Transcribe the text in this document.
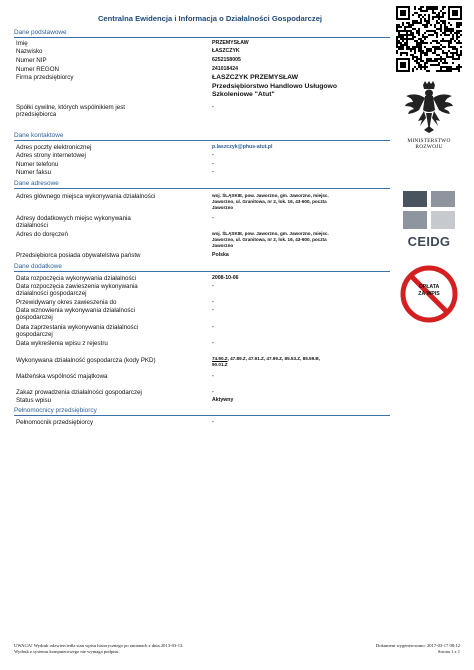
Centralna Ewidencja i Informacja o Działalności Gospodarczej
Dane podstawowe
Imię	PRZEMYSŁAW
Nazwisko	ŁASZCZYK
Numer NIP	6252158005
Numer REGON	241018424
Firma przedsiębiorcy	ŁASZCZYK PRZEMYSŁAW
Przedsiębiorstwo Handlowo Usługowo
Szkoleniowe "Atut"
Spółki cywilne, których wspólnikiem jest
przedsiębiorca
-
Dane kontaktowe
Adres poczty elektronicznej	p.laszczyk@phus-atut.pl
Adres strony internetowej	-
Numer telefonu	-
Numer faksu	-
Dane adresowe
Adres głównego miejsca wykonywania działalności	woj. ŚLĄSKIE, pow. Jaworzno, gm. Jaworzno, miejsc.
Jaworzno, ul. Granitowa, nr 2, lok. 16, 43-600, poczta
Jaworzno
Adresy dodatkowych miejsc wykonywania
działalności
-
Adres do doręczeń	woj. ŚLĄSKIE, pow. Jaworzno, gm. Jaworzno, miejsc.
Jaworzno, ul. Granitowa, nr 2, lok. 16, 43-600, poczta
Jaworzno
Przedsiębiorca posiada obywatelstwa państw	Polska
Dane dodatkowe
Data rozpoczęcia wykonywania działalności	2008-10-06
Data rozpoczęcia zawieszenia wykonywania
działalności gospodarczej
-
Przewidywany okres zawieszenia do	-
Data wznowienia wykonywania działalności
gospodarczej
-
Data zaprzestania wykonywania działalności
gospodarczej
-
Data wykreślenia wpisu z rejestru	-
Wykonywana działalność gospodarcza (kody PKD)	74.90.Z, 47.89.Z, 47.91.Z, 47.99.Z, 85.53.Z, 85.59.B,
90.01.Z
Małżeńska wspólność majątkowa	-
Zakaz prowadzenia działalności gospodarczej	-
Status wpisu	Aktywny
Pełnomocnicy przedsiębiorcy
Pełnomocnik przedsiębiorcy	-
MINISTERSTWO
ROZWOJU
CEIDG
OPŁATA
ZA WPIS
UWAGA! Wydruk odzwierciedla stan wpisu historycznego po zmianach z dnia 2013-03-13.
Wydruk z systemu komputerowego nie wymaga podpisu.
Dokument wygenerowano: 2017-03-17 08:12
Strona 1 z 1
